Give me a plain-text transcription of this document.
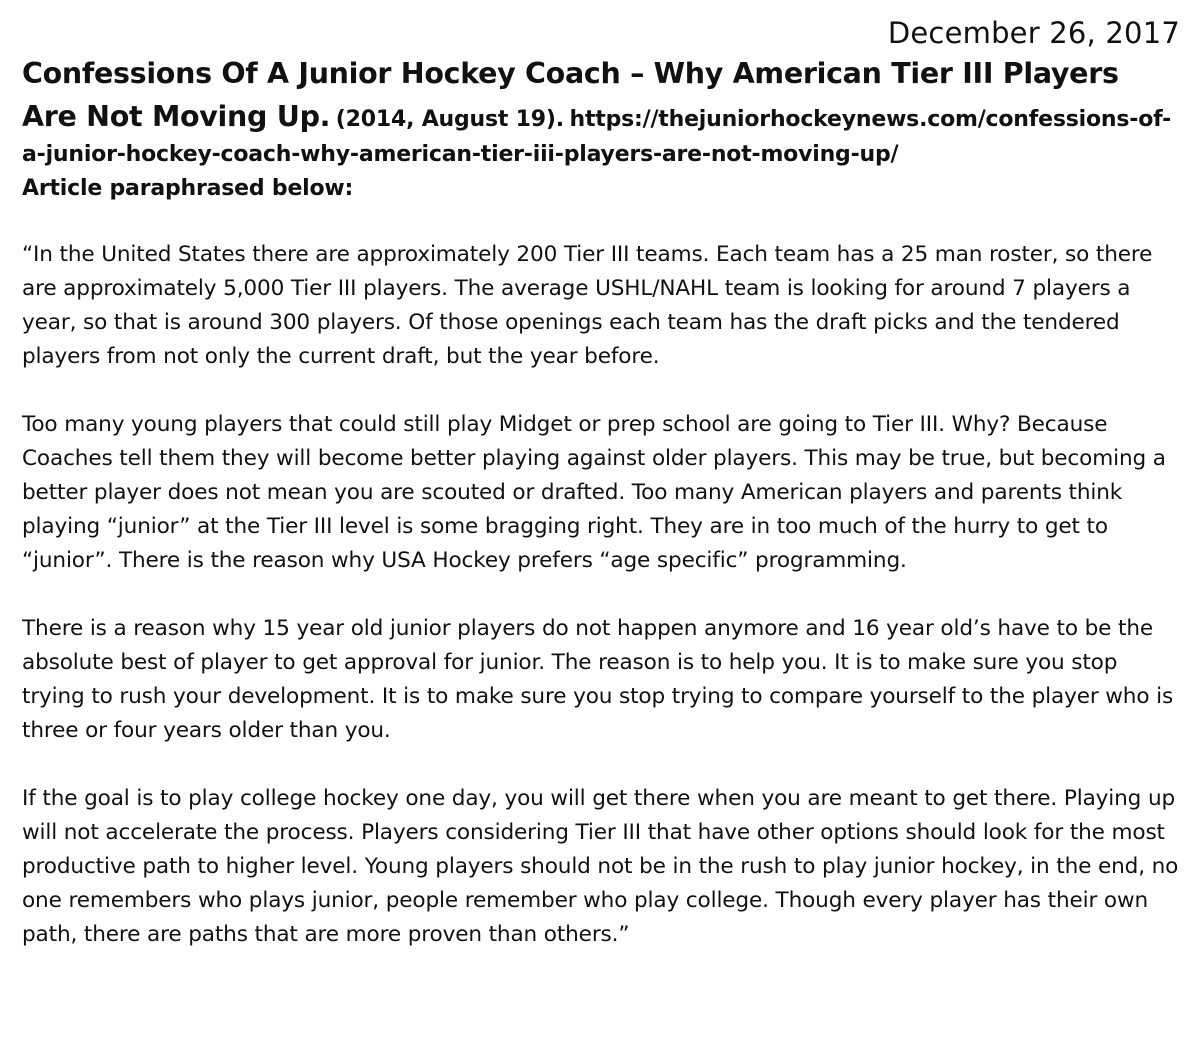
December 26, 2017

Confessions Of A Junior Hockey Coach – Why American Tier III Players Are Not Moving Up. (2014, August 19). https://thejuniorhockeynews.com/confessions-of-a-junior-hockey-coach-why-american-tier-iii-players-are-not-moving-up/

Article paraphrased below:

“In the United States there are approximately 200 Tier III teams. Each team has a 25 man roster, so there are approximately 5,000 Tier III players. The average USHL/NAHL team is looking for around 7 players a year, so that is around 300 players. Of those openings each team has the draft picks and the tendered players from not only the current draft, but the year before.

Too many young players that could still play Midget or prep school are going to Tier III. Why? Because Coaches tell them they will become better playing against older players. This may be true, but becoming a better player does not mean you are scouted or drafted. Too many American players and parents think playing “junior” at the Tier III level is some bragging right. They are in too much of the hurry to get to “junior”. There is the reason why USA Hockey prefers “age specific” programming.

There is a reason why 15 year old junior players do not happen anymore and 16 year old’s have to be the absolute best of player to get approval for junior. The reason is to help you. It is to make sure you stop trying to rush your development. It is to make sure you stop trying to compare yourself to the player who is three or four years older than you.

If the goal is to play college hockey one day, you will get there when you are meant to get there. Playing up will not accelerate the process. Players considering Tier III that have other options should look for the most productive path to higher level. Young players should not be in the rush to play junior hockey, in the end, no one remembers who plays junior, people remember who play college. Though every player has their own path, there are paths that are more proven than others.”
